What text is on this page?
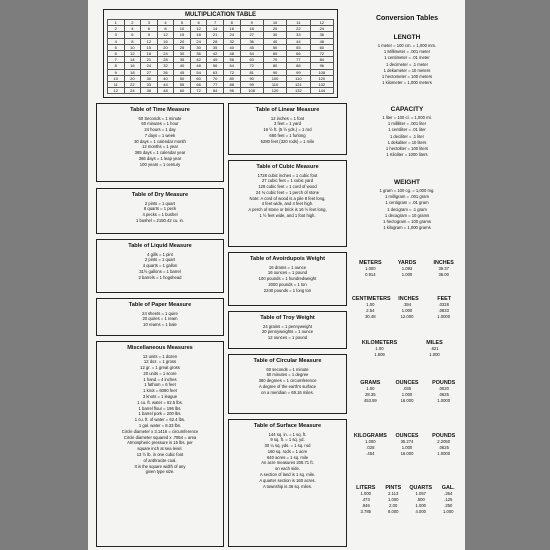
MULTIPLICATION TABLE
1	2	3	4	5	6	7	8	9	10	11	12
2	4	6	8	10	12	14	16	18	20	22	24
3	6	9	12	15	18	21	24	27	30	33	36
4	8	12	16	20	24	28	32	36	40	44	48
5	10	15	20	25	30	35	40	45	50	55	60
6	12	18	24	30	36	42	48	54	60	66	72
7	14	21	28	35	42	49	56	63	70	77	84
8	16	24	32	40	48	56	64	72	80	88	96
9	18	27	36	45	54	63	72	81	90	99	108
10	20	30	40	50	60	70	80	90	100	110	120
11	22	33	44	55	66	77	88	99	110	121	132
12	24	36	48	60	72	84	96	108	120	132	144
Table of Time Measure
60 Seconds = 1 minute
60 minutes = 1 hour
24 hours = 1 day
7 days = 1 week
30 days = 1 calendar month
12 months = 1 year
365 days = 1 calendar year
366 days = 1 leap year
100 years = 1 century
Table of Dry Measure
2 pints = 1 quart
8 quarts = 1 peck
4 pecks = 1 bushel
1 bushel = 2150.42 cu. in.
Table of Liquid Measure
4 gills = 1 pint
2 pints = 1 quart
4 quarts = 1 gallon
31½ gallons = 1 barrel
2 barrels = 1 hogshead
Table of Paper Measure
24 sheets = 1 quire
20 quires = 1 ream
10 reams = 1 bale
Miscellaneous Measures
12 units = 1 dozen
12 doz. = 1 gross
12 gr. = 1 great gross
20 units = 1 score
1 hand = 4 inches
1 fathom = 6 feet
1 knot = 6080 feet
3 knots = 1 league
1 cu. ft. water = 62.5 lbs.
1 barrel flour = 196 lbs.
1 barrel pork = 200 lbs.
1 cu. ft. of water = 62.4 lbs.
1 gal. water = 8.33 lbs.
Circle diameter x 3.1416 = circumference
Circle diameter squared x .7854 = area
Atmospheric pressure is 15 lbs. per
square inch at sea level.
13 ½ lb. in one cubic foot
of anthracite coal.
It is the square width of any
given type size.
Table of Linear Measure
12 inches = 1 foot
3 feet = 1 yard
16 ½ ft. (5 ½ yds.) = 1 rod
660 feet = 1 furlong
5280 feet (320 rods) = 1 mile
Table of Cubic Measure
1728 cubic inches = 1 cubic foot
27 cubic feet = 1 cubic yard
128 cubic feet = 1 cord of wood
24 ¾ cubic feet = 1 perch of stone
Note: A cord of wood is a pile 8 feet long,
4 feet wide, and 4 feet high.
A perch of stone or brick is 16 ½ feet long,
1 ½ feet wide, and 1 foot high.
Table of Avoirdupois Weight
16 drams = 1 ounce
16 ounces = 1 pound
100 pounds = 1 hundredweight
2000 pounds = 1 ton
2240 pounds = 1 long ton
Table of Troy Weight
24 grains = 1 pennyweight
20 pennyweights = 1 ounce
12 ounces = 1 pound
Table of Circular Measure
60 seconds = 1 minute
60 minutes = 1 degree
360 degrees = 1 circumference
A degree of the earth's surface
on a meridian = 69.16 miles.
Table of Surface Measure
144 sq. in. = 1 sq. ft.
9 sq. ft. = 1 sq. yd.
30 ¼ sq. yds. = 1 sq. rod
160 sq. rods = 1 acre
640 acres = 1 sq. mile
An acre measures 208.71 ft.
on each side.
A section of land is 1 sq. mile.
A quarter section is 160 acres.
A township is 36 sq. miles.
Conversion Tables
LENGTH
1 meter = 100 cm. = 1,000 mm.
1 Millimeter = .001 meter
1 centimeter = .01 meter
1 decimeter = .1 meter
1 dekameter = 10 meters
1 hectometer = 100 meters
1 kilometer = 1,000 meters
CAPACITY
1 liter = 100 cl. = 1,000 ml.
1 milliliter = .001 liter
1 centiliter = .01 liter
1 deciliter = .1 liter
1 dekaliter = 10 liters
1 hectoliter = 100 liters
1 Kiloliter = 1000 liters
WEIGHT
1 gram = 100 cg. = 1,000 mg.
1 milligram = .001 gram
1 centigram = .01 gram
1 decigram = .1 gram
1 decagram = 10 grams
1 hectogram = 100 grams
1 kilogram = 1,000 grams
METERS	YARDS	INCHES
1.000	1.093	39.37
0.914	1.000	36.00
CENTIMETERS	INCHES	FEET
1.00	.394	.0328
2.54	1.000	.0833
30.48	12.000	1.0000
KILOMETERS	MILES
1.00	.621
1.609	1.000
GRAMS	OUNCES	POUNDS
1.00	.035	.0020
28.35	1.000	.0625
453.59	16.000	1.0000
KILOGRAMS	OUNCES	POUNDS
1.000	35.274	2.2050
.028	1.000	.0625
.454	16.000	1.0000
LITERS	PINTS	QUARTS	GAL.
1.000	2.113	1.057	.264
.473	1.000	.500	.125
.946	2.00	1.000	.250
3.785	8.000	4.000	1.000
